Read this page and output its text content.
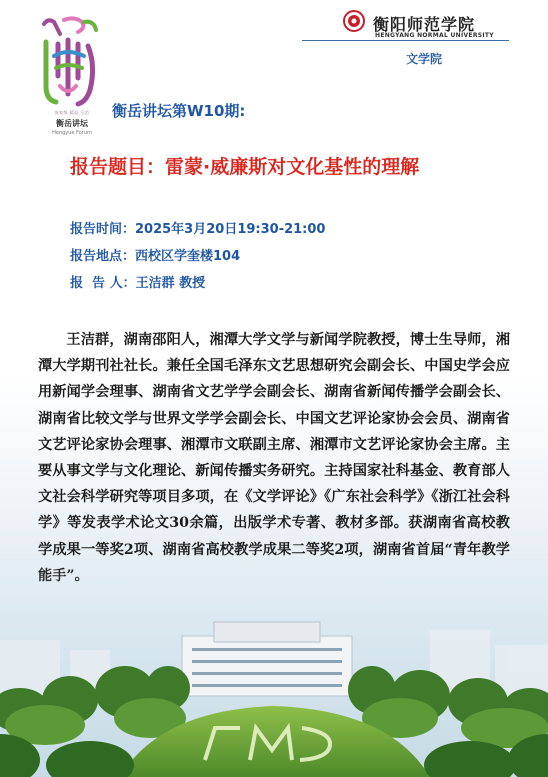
国家级 精品 示范
衡岳讲坛
Hengyue Forum
衡阳师范学院
HENGYANG NORMAL UNIVERSITY
文学院
衡岳讲坛第W10期:
报告题目：雷蒙·威廉斯对文化基性的理解
报告时间：2025年3月20日19:30-21:00
报告地点：西校区学奎楼104
报  告 人：王洁群 教授
王洁群，湖南邵阳人，湘潭大学文学与新闻学院教授，博士生导师，湘潭大学期刊社社长。兼任全国毛泽东文艺思想研究会副会长、中国史学会应用新闻学会理事、湖南省文艺学学会副会长、湖南省新闻传播学会副会长、湖南省比较文学与世界文学学会副会长、中国文艺评论家协会会员、湖南省文艺评论家协会理事、湘潭市文联副主席、湘潭市文艺评论家协会主席。主要从事文学与文化理论、新闻传播实务研究。主持国家社科基金、教育部人文社会科学研究等项目多项，在《文学评论》《广东社会科学》《浙江社会科学》等发表学术论文30余篇，出版学术专著、教材多部。获湖南省高校教学成果一等奖2项、湖南省高校教学成果二等奖2项，湖南省首届“青年教学
